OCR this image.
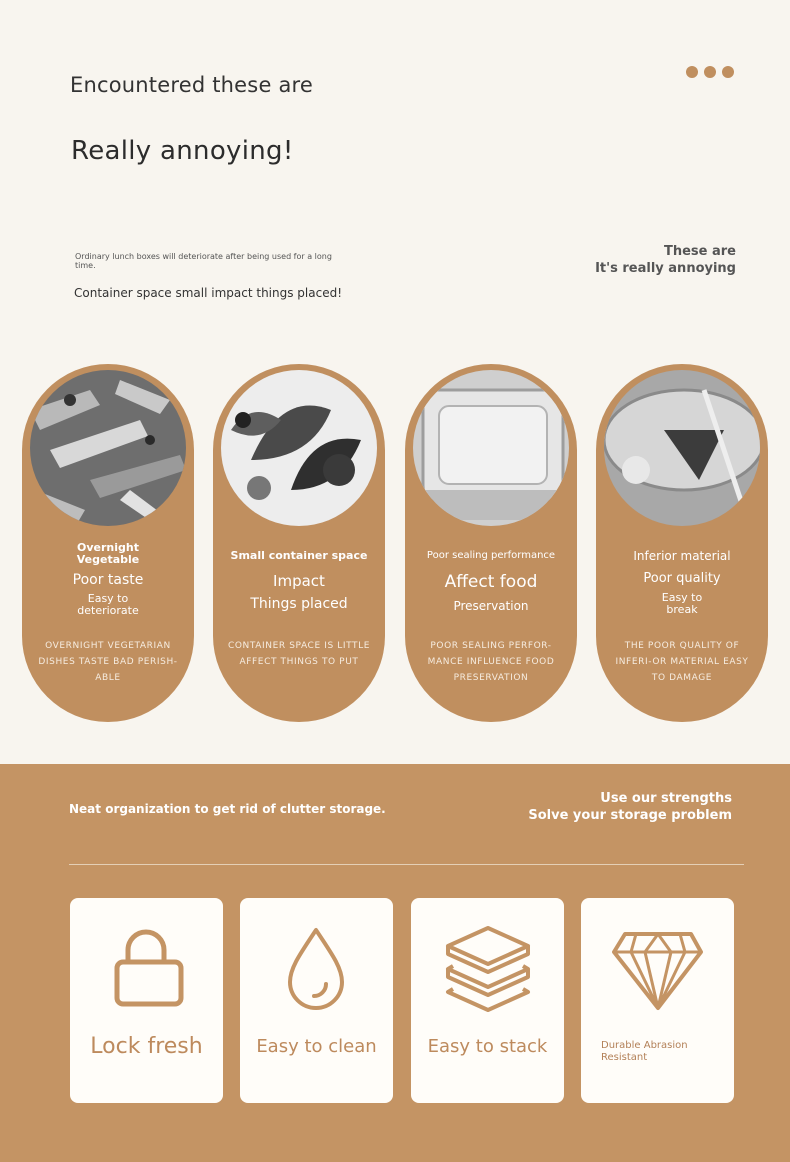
Encountered these are
Really annoying!
Ordinary lunch boxes will deteriorate after being used for a long time.
Container space small impact things placed!
These are
It's really annoying
Overnight Vegetable
Poor taste
Easy to deteriorate
OVERNIGHT VEGETARIAN DISHES TASTE BAD PERISH-ABLE
Small container space
Impact
Things placed
CONTAINER SPACE IS LITTLE AFFECT THINGS TO PUT
Poor sealing performance
Affect food
Preservation
POOR SEALING PERFOR-MANCE INFLUENCE FOOD PRESERVATION
Inferior material
Poor quality
Easy to break
THE POOR QUALITY OF INFERI-OR MATERIAL EASY TO DAMAGE
Neat organization to get rid of clutter storage.
Use our strengths
Solve your storage problem
Lock fresh	Easy to clean	Easy to stack	Durable Abrasion Resistant
